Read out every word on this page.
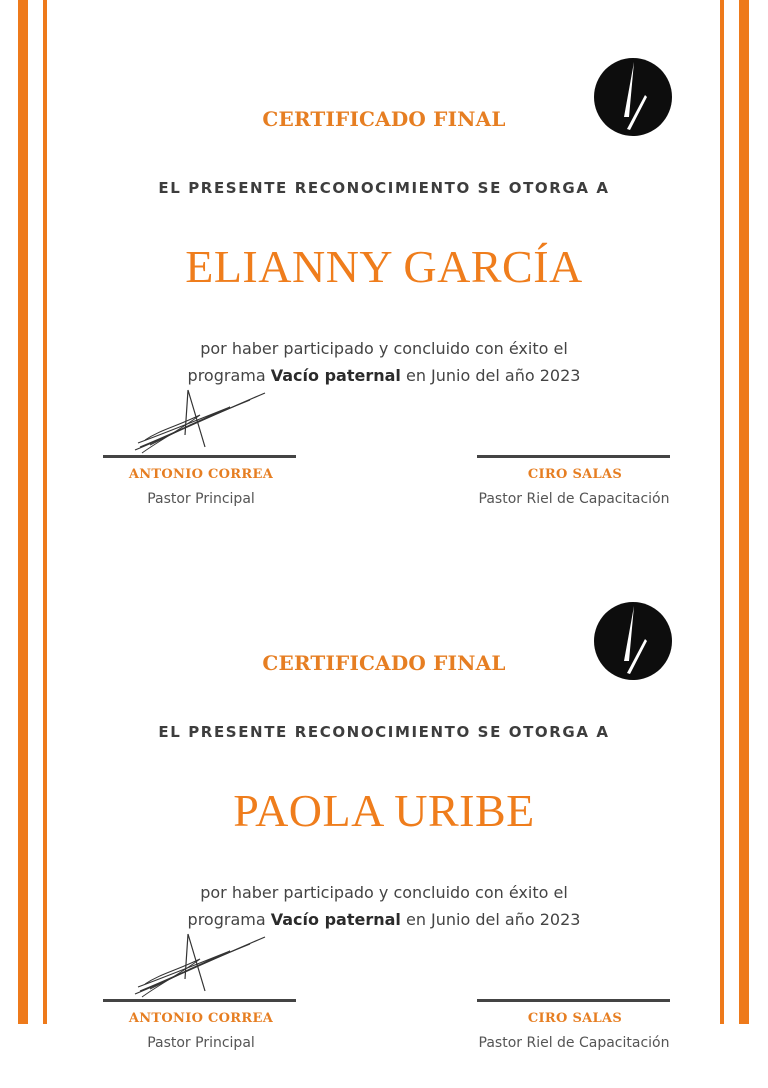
CERTIFICADO FINAL
EL PRESENTE RECONOCIMIENTO SE OTORGA A
ELIANNY GARCÍA
por haber participado y concluido con éxito el
programa Vacío paternal en Junio del año 2023
ANTONIO CORREA
Pastor Principal
CIRO SALAS
Pastor Riel de Capacitación
CERTIFICADO FINAL
EL PRESENTE RECONOCIMIENTO SE OTORGA A
PAOLA URIBE
por haber participado y concluido con éxito el
programa Vacío paternal en Junio del año 2023
ANTONIO CORREA
Pastor Principal
CIRO SALAS
Pastor Riel de Capacitación
